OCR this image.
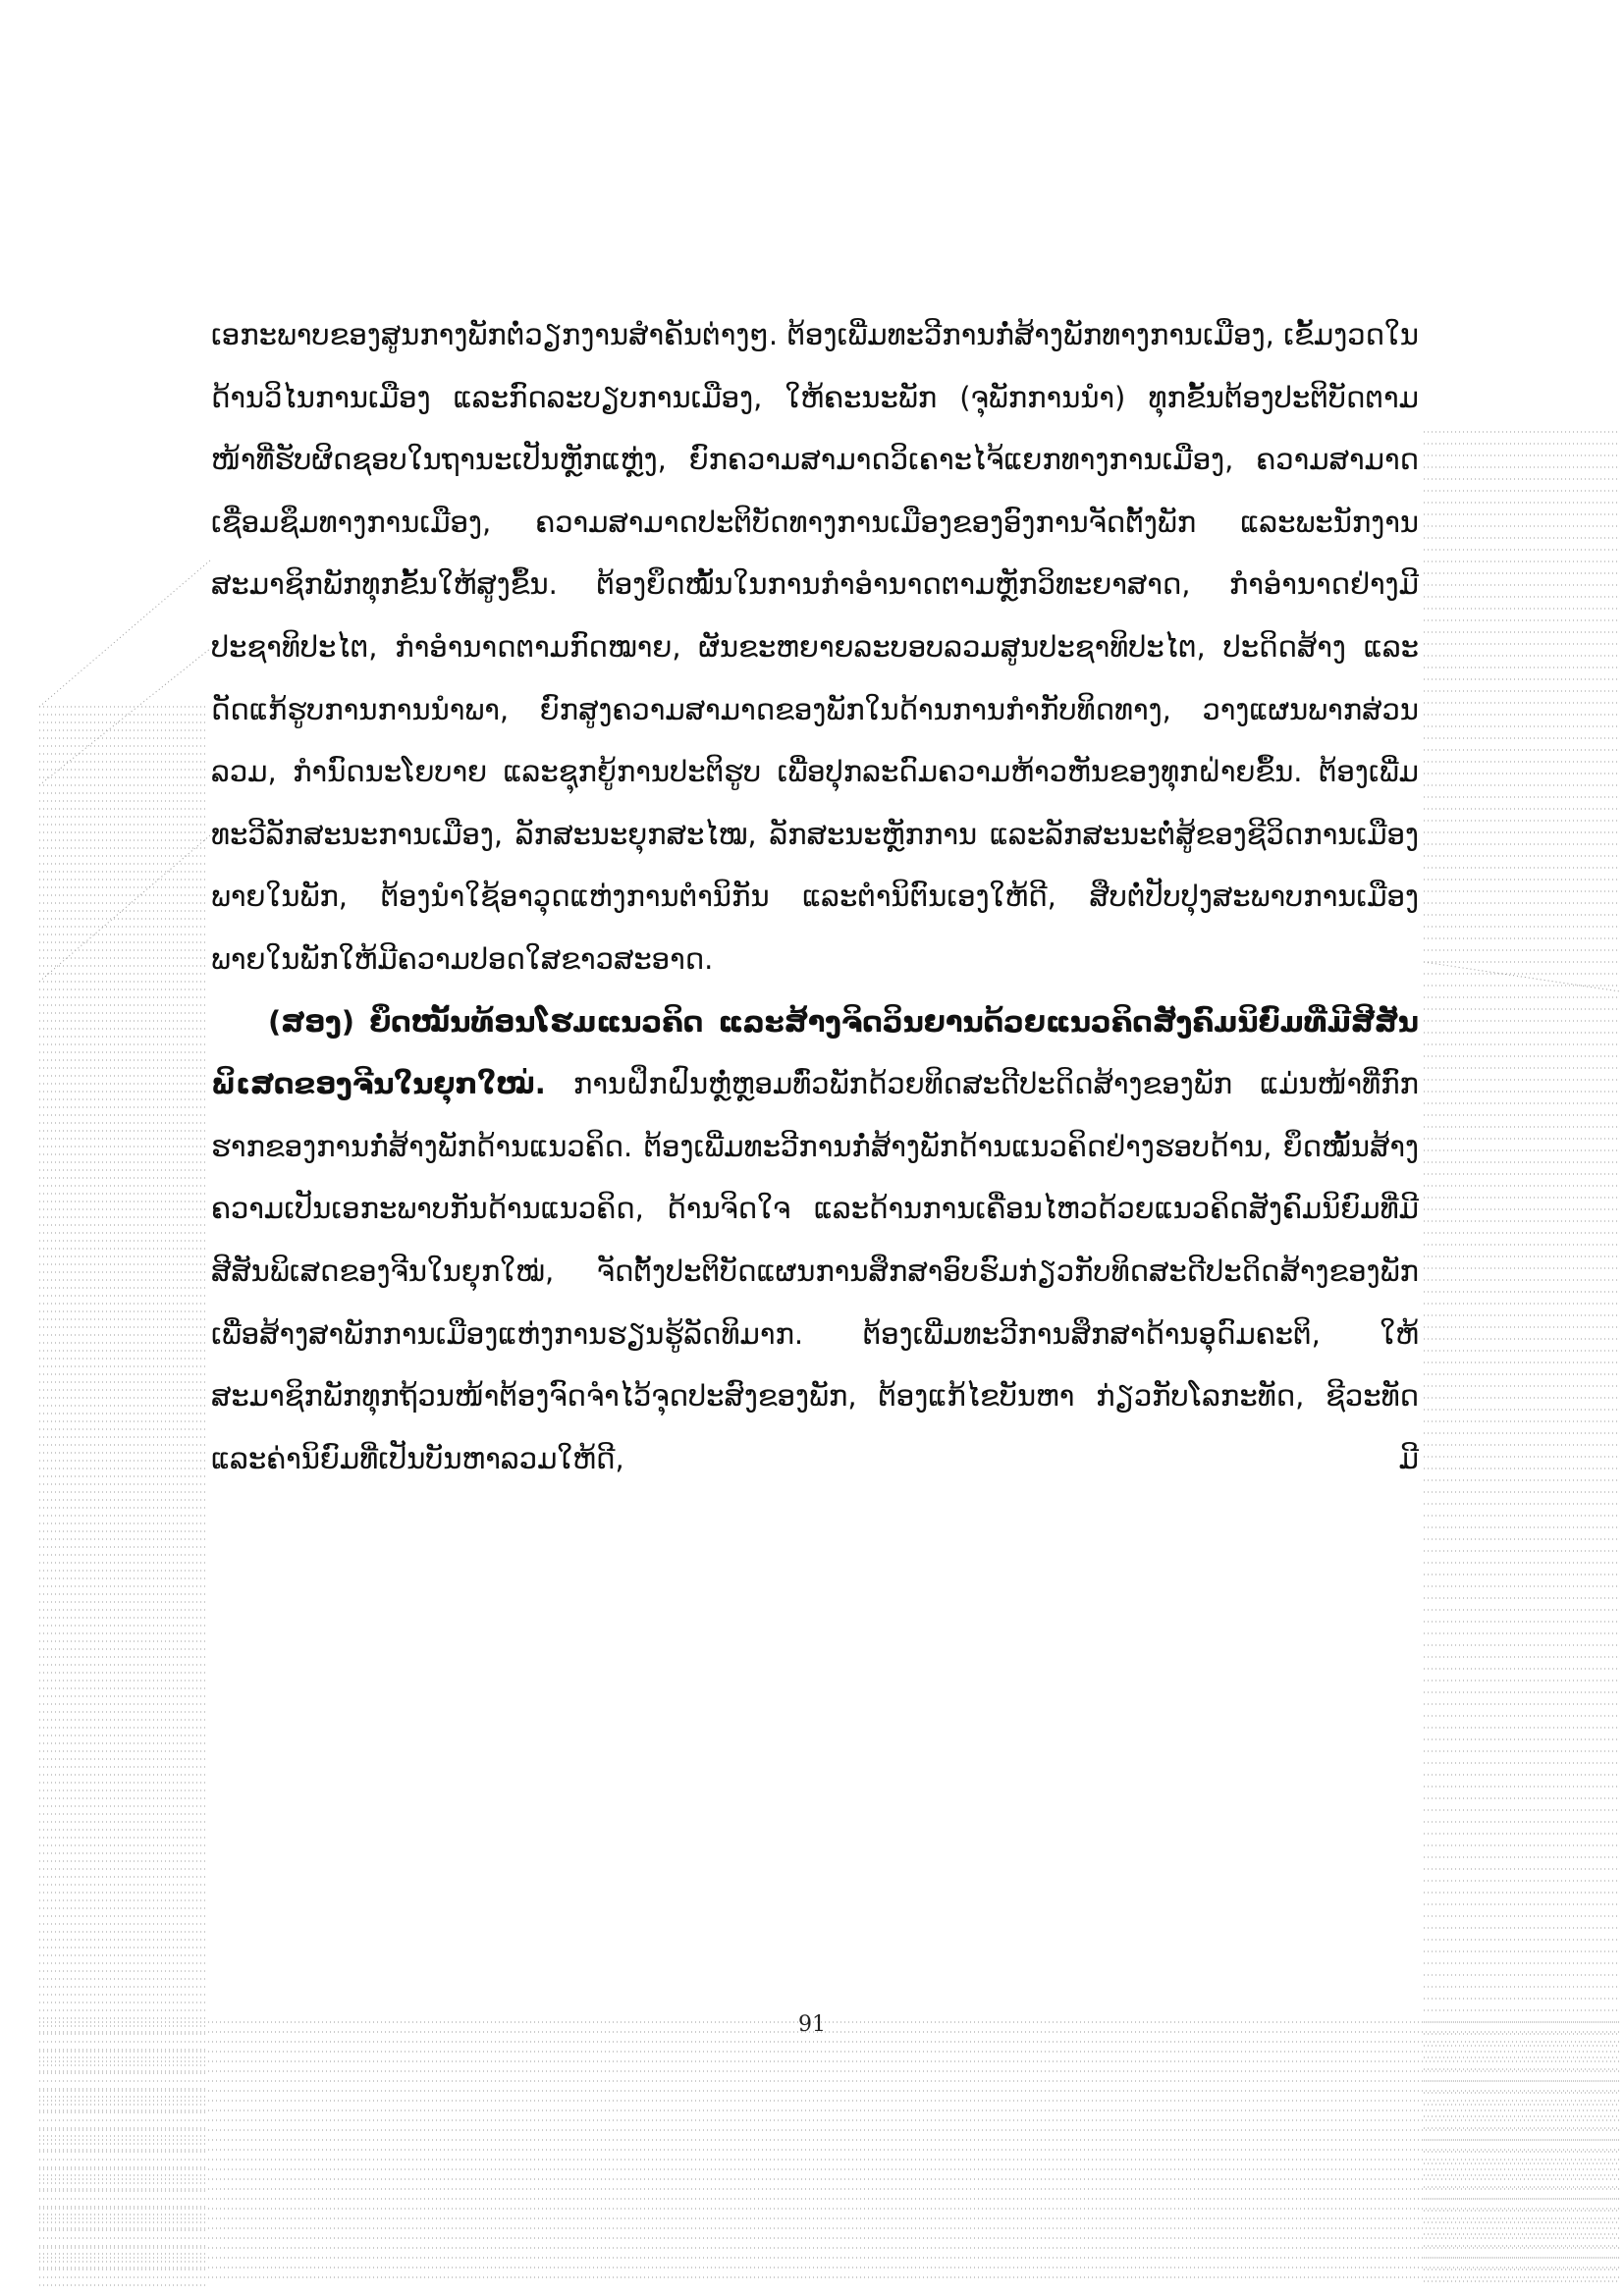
ເອກະພາບຂອງສູນກາງພັກຕໍ່ວຽກງານສຳຄັນຕ່າງໆ. ຕ້ອງເພີ່ມທະວີການກໍ່ສ້າງພັກທາງການເມືອງ, ເຂັ້ມງວດໃນດ້ານວິໄນການເມືອງ ແລະກົດລະບຽບການເມືອງ, ໃຫ້ຄະນະພັກ (ຈຸພັກການນຳ) ທຸກຂັ້ນຕ້ອງປະຕິບັດຕາມໜ້າທີ່ຮັບຜິດຊອບໃນຖານະເປັນຫຼັກແຫຼ່ງ, ຍົກຄວາມສາມາດວິເຄາະໄຈ້ແຍກທາງການເມືອງ, ຄວາມສາມາດເຊື່ອມຊຶມທາງການເມືອງ, ຄວາມສາມາດປະຕິບັດທາງການເມືອງຂອງອົງການຈັດຕັ້ງພັກ ແລະພະນັກງານສະມາຊິກພັກທຸກຂັ້ນໃຫ້ສູງຂຶ້ນ. ຕ້ອງຍຶດໝັ້ນໃນການກຳອຳນາດຕາມຫຼັກວິທະຍາສາດ, ກຳອຳນາດຢ່າງມີປະຊາທິປະໄຕ, ກຳອຳນາດຕາມກົດໝາຍ, ຜັນຂະຫຍາຍລະບອບລວມສູນປະຊາທິປະໄຕ, ປະດິດສ້າງ ແລະດັດແກ້ຮູບການການນຳພາ, ຍົກສູງຄວາມສາມາດຂອງພັກໃນດ້ານການກຳກັບທິດທາງ, ວາງແຜນພາກສ່ວນລວມ, ກຳນົດນະໂຍບາຍ ແລະຊຸກຍູ້ການປະຕິຮູບ ເພື່ອປຸກລະດົມຄວາມຫ້າວຫັນຂອງທຸກຝ່າຍຂຶ້ນ. ຕ້ອງເພີ່ມທະວີລັກສະນະການເມືອງ, ລັກສະນະຍຸກສະໄໝ, ລັກສະນະຫຼັກການ ແລະລັກສະນະຕໍ່ສູ້ຂອງຊີວິດການເມືອງພາຍໃນພັກ, ຕ້ອງນຳໃຊ້ອາວຸດແຫ່ງການຕຳນິກັນ ແລະຕຳນິຕົນເອງໃຫ້ດີ, ສືບຕໍ່ປັບປຸງສະພາບການເມືອງພາຍໃນພັກໃຫ້ມີຄວາມປອດໃສຂາວສະອາດ.

(ສອງ) ຍຶດໝັ້ນທ້ອນໂຮມແນວຄິດ ແລະສ້າງຈິດວິນຍານດ້ວຍແນວຄິດສັງຄົມນິຍົມທີ່ມີສີສັນພິເສດຂອງຈີນໃນຍຸກໃໝ່. ການຝຶກຝົນຫຼໍ່ຫຼອມທົ່ວພັກດ້ວຍທິດສະດີປະດິດສ້າງຂອງພັກ ແມ່ນໜ້າທີ່ກົກຮາກຂອງການກໍ່ສ້າງພັກດ້ານແນວຄິດ. ຕ້ອງເພີ່ມທະວີການກໍ່ສ້າງພັກດ້ານແນວຄິດຢ່າງຮອບດ້ານ, ຍຶດໝັ້ນສ້າງຄວາມເປັນເອກະພາບກັນດ້ານແນວຄິດ, ດ້ານຈິດໃຈ ແລະດ້ານການເຄື່ອນໄຫວດ້ວຍແນວຄິດສັງຄົມນິຍົມທີ່ມີສີສັນພິເສດຂອງຈີນໃນຍຸກໃໝ່, ຈັດຕັ້ງປະຕິບັດແຜນການສຶກສາອົບຮົມກ່ຽວກັບທິດສະດີປະດິດສ້າງຂອງພັກ ເພື່ອສ້າງສາພັກການເມືອງແຫ່ງການຮຽນຮູ້ລັດທິມາກ. ຕ້ອງເພີ່ມທະວີການສຶກສາດ້ານອຸດົມຄະຕິ, ໃຫ້ສະມາຊິກພັກທຸກຖ້ວນໜ້າຕ້ອງຈົດຈຳໄວ້ຈຸດປະສົງຂອງພັກ, ຕ້ອງແກ້ໄຂບັນຫາ ກ່ຽວກັບໂລກະທັດ, ຊີວະທັດ ແລະຄ່ານິຍົມທີ່ເປັນບັນຫາລວມໃຫ້ດີ, ມີ

91
